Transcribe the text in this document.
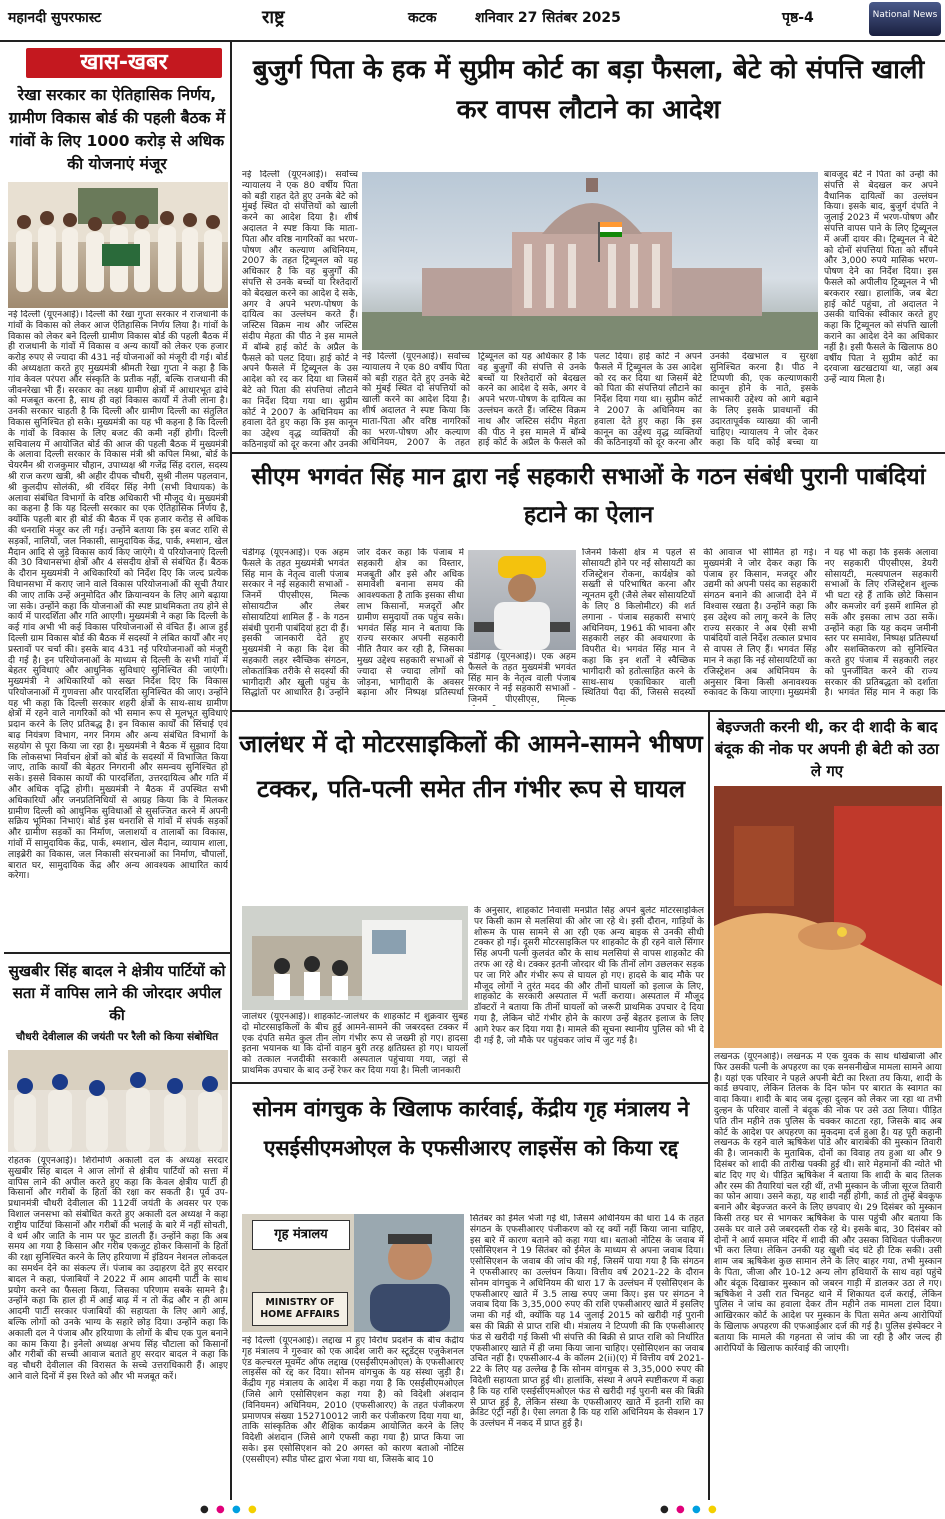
महानदी सुपरफास्ट	राष्ट्र	कटक	शनिवार 27 सितंबर 2025	पृष्ठ-4	National News
खास-खबर
रेखा सरकार का ऐतिहासिक निर्णय, ग्रामीण विकास बोर्ड की पहली बैठक में गांवों के लिए 1000 करोड़ से अधिक की योजनाएं मंजूर

नई दिल्ली (यूएनआई)। दिल्ली की रेखा गुप्ता सरकार ने राजधानी के गांवों के विकास को लेकर आज ऐतिहासिक निर्णय लिया है। गांवों के विकास को लेकर बने दिल्ली ग्रामीण विकास बोर्ड की पहली बैठक में ही राजधानी के गांवों में विकास व अन्य कार्यों को लेकर एक हजार करोड़ रुपए से ज्यादा की 431 नई योजनाओं को मंजूरी दी गई। बोर्ड की अध्यक्षता करते हुए मुख्यमंत्री श्रीमती रेखा गुप्ता ने कहा है कि गांव केवल परंपरा और संस्कृति के प्रतीक नहीं, बल्कि राजधानी की जीवनरेखा भी हैं। सरकार का लक्ष्य ग्रामीण क्षेत्रों में आधारभूत ढांचे को मजबूत करना है, साथ ही वहां विकास कार्यों में तेजी लाना है। उनकी सरकार चाहती है कि दिल्ली और ग्रामीण दिल्ली का संतुलित विकास सुनिश्चित हो सके। मुख्यमंत्री का यह भी कहना है कि दिल्ली के गांवों के विकास के लिए बजट की कमी नहीं होगी। दिल्ली सचिवालय में आयोजित बोर्ड की आज की पहली बैठक में मुख्यमंत्री के अलावा दिल्ली सरकार के विकास मंत्री श्री कपिल मिश्रा, बोर्ड के चेयरमैन श्री राजकुमार चौहान, उपाध्यक्ष श्री गजेंद्र सिंह दराल, सदस्य श्री राज करण खत्री, श्री अहीर दीपक चौधरी, सुश्री नीलम पहलवान, श्री कुलदीप सोलंकी, श्री रविंदर सिंह नेगी (सभी विधायक) के अलावा संबंधित विभागों के वरिष्ठ अधिकारी भी मौजूद थे। मुख्यमंत्री का कहना है कि यह दिल्ली सरकार का एक ऐतिहासिक निर्णय है, क्योंकि पहली बार ही बोर्ड की बैठक में एक हजार करोड़ से अधिक की धनराशि मंजूर कर ली गई। उन्होंने बताया कि इस बजट राशि से सड़कों, नालियों, जल निकासी, सामुदायिक केंद्र, पार्क, श्मशान, खेल मैदान आदि से जुड़े विकास कार्य किए जाएंगे। ये परियोजनाएं दिल्ली की 30 विधानसभा क्षेत्रों और 4 संसदीय क्षेत्रों से संबंधित हैं। बैठक के दौरान मुख्यमंत्री ने अधिकारियों को निर्देश दिए कि जल्द प्रत्येक विधानसभा में कराए जाने वाले विकास परियोजनाओं की सूची तैयार की जाए ताकि उन्हें अनुमोदित और क्रियान्वयन के लिए आगे बढ़ाया जा सके। उन्होंने कहा कि योजनाओं की स्पष्ट प्राथमिकता तय होने से कार्य में पारदर्शिता और गति आएगी। मुख्यमंत्री ने कहा कि दिल्ली के कई गांव अभी भी कई विकास परियोजनाओं से वंचित हैं। आज हुई दिल्ली ग्राम विकास बोर्ड की बैठक में सदस्यों ने लंबित कार्यों और नए प्रस्तावों पर चर्चा की। इसके बाद 431 नई परियोजनाओं को मंजूरी दी गई है। इन परियोजनाओं के माध्यम से दिल्ली के सभी गांवों में बेहतर सुविधाएं और आधुनिक सुविधाएं सुनिश्चित की जाएंगी। मुख्यमंत्री ने अधिकारियों को सख्त निर्देश दिए कि विकास परियोजनाओं में गुणवत्ता और पारदर्शिता सुनिश्चित की जाए। उन्होंने यह भी कहा कि दिल्ली सरकार शहरी क्षेत्रों के साथ-साथ ग्रामीण क्षेत्रों में रहने वाले नागरिकों को भी समान रूप से मूलभूत सुविधाएं प्रदान करने के लिए प्रतिबद्ध है। इन विकास कार्यों की सिंचाई एवं बाढ़ नियंत्रण विभाग, नगर निगम और अन्य संबंधित विभागों के सहयोग से पूरा किया जा रहा है। मुख्यमंत्री ने बैठक में सुझाव दिया कि लोकसभा निर्वाचन क्षेत्रों को बोर्ड के सदस्यों में विभाजित किया जाए, ताकि कार्यों की बेहतर निगरानी और समन्वय सुनिश्चित हो सके। इससे विकास कार्यों की पारदर्शिता, उत्तरदायित्व और गति में और अधिक वृद्धि होगी। मुख्यमंत्री ने बैठक में उपस्थित सभी अधिकारियों और जनप्रतिनिधियों से आग्रह किया कि वे मिलकर ग्रामीण दिल्ली को आधुनिक सुविधाओं से सुसज्जित करने में अपनी सक्रिय भूमिका निभाएं। बोर्ड इस धनराशि से गांवों में संपर्क सड़कों और ग्रामीण सड़कों का निर्माण, जलाशयों व तालाबों का विकास, गांवों में सामुदायिक केंद्र, पार्क, श्मशान, खेल मैदान, व्यायाम शाला, लाइब्रेरी का विकास, जल निकासी संरचनाओं का निर्माण, चौपालों, बारात घर, सामुदायिक केंद्र और अन्य आवश्यक आधारित कार्य करेगा।

सुखबीर सिंह बादल ने क्षेत्रीय पार्टियों को सता में वापिस लाने की जोरदार अपील की
चौधरी देवीलाल की जयंती पर रैली को किया संबोधित

रोहतक (यूएनआई)। शिरोमणि अकाली दल के अध्यक्ष सरदार सुखबीर सिंह बादल ने आज लोगों से क्षेत्रीय पार्टियों को सत्ता में वापिस लाने की अपील करते हुए कहा कि केवल क्षेत्रीय पार्टी ही किसानों और गरीबों के हितों की रक्षा कर सकती है। पूर्व उप-प्रधानमंत्री चौधरी देवीलाल की 112वीं जयंती के अवसर पर एक विशाल जनसभा को संबोधित करते हुए अकाली दल अध्यक्ष ने कहा राष्ट्रीय पार्टियां किसानों और गरीबों की भलाई के बारे में नहीं सोचती, वे धर्म और जाति के नाम पर फूट डालती हैं। उन्होंने कहा कि अब समय आ गया है किसान और गरीब एकजुट होकर किसानों के हितों की रक्षा सुनिश्चित करने के लिए हरियाणा में इंडियन नेशनल लोकदल का समर्थन देने का संकल्प लें। पंजाब का उदाहरण देते हुए सरदार बादल ने कहा, पंजाबियों ने 2022 में आम आदमी पार्टी के साथ प्रयोग करने का फैसला किया, जिसका परिणाम सबके सामने है। उन्होंने कहा कि हाल ही में आई बाढ़ में न तो केंद्र और न ही आम आदमी पार्टी सरकार पंजाबियों की सहायता के लिए आगे आई, बल्कि लोगों को उनके भाग्य के सहारे छोड़ दिया। उन्होंने कहा कि अकाली दल ने पंजाब और हरियाणा के लोगों के बीच एक पुल बनाने का काम किया है। इनेलो अध्यक्ष अभय सिंह चौटाला को किसानों और गरीबों की सच्ची आवाज बताते हुए सरदार बादल ने कहा कि वह चौधरी देवीलाल की विरासत के सच्चे उत्तराधिकारी हैं। आइए आने वाले दिनों में इस रिश्ते को और भी मजबूत करें।

बुजुर्ग पिता के हक में सुप्रीम कोर्ट का बड़ा फैसला, बेटे को संपत्ति खाली कर वापस लौटाने का आदेश

नई दिल्ली (यूएनआई)। सर्वोच्च न्यायालय ने एक 80 वर्षीय पिता को बड़ी राहत देते हुए उनके बेटे को मुंबई स्थित दो संपत्तियों को खाली करने का आदेश दिया है। शीर्ष अदालत ने स्पष्ट किया कि माता-पिता और वरिष्ठ नागरिकों का भरण-पोषण और कल्याण अधिनियम, 2007 के तहत ट्रिब्यूनल को यह अधिकार है कि वह बुजुर्गों की संपत्ति से उनके बच्चों या रिश्तेदारों को बेदखल करने का आदेश दे सके, अगर वे अपने भरण-पोषण के दायित्व का उल्लंघन करते हैं। जस्टिस विक्रम नाथ और जस्टिस संदीप मेहता की पीठ ने इस मामले में बॉम्बे हाई कोर्ट के अप्रैल के फैसले को पलट दिया। हाई कोर्ट ने अपने फैसले में ट्रिब्यूनल के उस आदेश को रद कर दिया था जिसमें बेटे को पिता की संपत्तियां लौटाने का निर्देश दिया गया था। सुप्रीम कोर्ट ने 2007 के अधिनियम का हवाला देते हुए कहा कि इस कानून का उद्देश्य वृद्ध व्यक्तियों की कठिनाइयों को दूर करना और उनकी

नई दिल्ली (यूएनआई)। सर्वोच्च न्यायालय ने एक 80 वर्षीय पिता को बड़ी राहत देते हुए उनके बेटे को मुंबई स्थित दो संपत्तियों को खाली करने का आदेश दिया है। शीर्ष अदालत ने स्पष्ट किया कि माता-पिता और वरिष्ठ नागरिकों का भरण-पोषण और कल्याण अधिनियम, 2007 के तहत ट्रिब्यूनल को यह अधिकार है कि वह बुजुर्गों की संपत्ति से उनके बच्चों या रिश्तेदारों को बेदखल करने का आदेश दे सके, अगर वे अपने भरण-पोषण के दायित्व का उल्लंघन करते हैं। जस्टिस विक्रम नाथ और जस्टिस संदीप मेहता की पीठ ने इस मामले में बॉम्बे हाई कोर्ट के अप्रैल के फैसले को पलट दिया। हाई कोर्ट ने अपने फैसले में ट्रिब्यूनल के उस आदेश को रद कर दिया था जिसमें बेटे को पिता की संपत्तियां लौटाने का निर्देश दिया गया था। सुप्रीम कोर्ट ने 2007 के अधिनियम का हवाला देते हुए कहा कि इस कानून का उद्देश्य वृद्ध व्यक्तियों की कठिनाइयों को दूर करना और उनकी देखभाल व सुरक्षा सुनिश्चित करना है। पीठ ने टिप्पणी की, एक कल्याणकारी कानून होने के नाते, इसके लाभकारी उद्देश्य को आगे बढ़ाने के लिए इसके प्रावधानों की उदारतापूर्वक व्याख्या की जानी चाहिए। न्यायालय ने जोर देकर कहा कि यदि कोई बच्चा या

बावजूद बेटे ने पिता को उन्हीं की संपत्ति से बेदखल कर अपने वैधानिक दायित्वों का उल्लंघन किया। इसके बाद, बुजुर्ग दंपति ने जुलाई 2023 में भरण-पोषण और संपत्ति वापस पाने के लिए ट्रिब्यूनल में अर्जी दायर की। ट्रिब्यूनल ने बेटे को दोनों संपत्तियां पिता को सौंपने और 3,000 रुपये मासिक भरण-पोषण देने का निर्देश दिया। इस फैसले को अपीलीय ट्रिब्यूनल ने भी बरकरार रखा। हालांकि, जब बेटा हाई कोर्ट पहुंचा, तो अदालत ने उसकी याचिका स्वीकार करते हुए कहा कि ट्रिब्यूनल को संपत्ति खाली कराने का आदेश देने का अधिकार नहीं है। इसी फैसले के खिलाफ 80 वर्षीय पिता ने सुप्रीम कोर्ट का दरवाजा खटखटाया था, जहां अब उन्हें न्याय मिला है।

सीएम भगवंत सिंह मान द्वारा नई सहकारी सभाओं के गठन संबंधी पुरानी पाबंदियां हटाने का ऐलान

चंडीगढ़ (यूएनआई)। एक अहम फैसले के तहत मुख्यमंत्री भगवंत सिंह मान के नेतृत्व वाली पंजाब सरकार ने नई सहकारी सभाओं - जिनमें पीएसीएस, मिल्क सोसायटीज और लेबर सोसायटियां शामिल हैं - के गठन संबंधी पुरानी पाबंदियां हटा दी हैं। इसकी जानकारी देते हुए मुख्यमंत्री ने कहा कि देश की सहकारी लहर स्वैच्छिक संगठन, लोकतांत्रिक तरीके से सदस्यों की भागीदारी और खुली पहुंच के सिद्धांतों पर आधारित है। उन्होंने जोर देकर कहा कि पंजाब में सहकारी क्षेत्र का विस्तार, मजबूती और इसे और अधिक समावेशी बनाना समय की आवश्यकता है ताकि इसका सीधा लाभ किसानों, मजदूरों और ग्रामीण समुदायों तक पहुंच सके। भगवंत सिंह मान ने बताया कि राज्य सरकार अपनी सहकारी नीति तैयार कर रही है, जिसका मुख्य उद्देश्य सहकारी सभाओं से ज्यादा से ज्यादा लोगों को जोड़ना, भागीदारी के अवसर बढ़ाना और निष्पक्ष प्रतिस्पर्धा

चंडीगढ़ (यूएनआई)। एक अहम फैसले के तहत मुख्यमंत्री भगवंत सिंह मान के नेतृत्व वाली पंजाब सरकार ने नई सहकारी सभाओं - जिनमें पीएसीएस, मिल्क

जिनमें किसी क्षेत्र में पहले से सोसायटी होने पर नई सोसायटी का रजिस्ट्रेशन रोकना, कार्यक्षेत्र को सख्ती से परिभाषित करना और न्यूनतम दूरी (जैसे लेबर सोसायटियों के लिए 8 किलोमीटर) की शर्त लगाना - पंजाब सहकारी सभाएं अधिनियम, 1961 की भावना और सहकारी लहर की अवधारणा के विपरीत थे। भगवंत सिंह मान ने कहा कि इन शर्तों ने स्वैच्छिक भागीदारी को हतोत्साहित करने के साथ-साथ एकाधिकार वाली स्थितियां पैदा कीं, जिससे सदस्यों की आवाज भी सीमित हो गई। मुख्यमंत्री ने जोर देकर कहा कि पंजाब हर किसान, मजदूर और उद्यमी को अपनी पसंद का सहकारी संगठन बनाने की आजादी देने में विश्वास रखता है। उन्होंने कहा कि इस उद्देश्य को लागू करने के लिए राज्य सरकार ने अब ऐसी सभी पाबंदियों वाले निर्देश तत्काल प्रभाव से वापस ले लिए हैं। भगवंत सिंह मान ने कहा कि नई सोसायटियों का रजिस्ट्रेशन अब अधिनियम के अनुसार बिना किसी अनावश्यक रुकावट के किया जाएगा। मुख्यमंत्री ने यह भी कहा कि इसके अलावा नए सहकारी पीएसीएस, डेयरी सोसायटी, मत्स्यपालन सहकारी सभाओं के लिए रजिस्ट्रेशन शुल्क भी घटा रहे हैं ताकि छोटे किसान और कमजोर वर्ग इसमें शामिल हो सकें और इसका लाभ उठा सकें। उन्होंने कहा कि यह कदम जमीनी स्तर पर समावेश, निष्पक्ष प्रतिस्पर्धा और सशक्तिकरण को सुनिश्चित करते हुए पंजाब में सहकारी लहर को पुनर्जीवित करने की राज्य सरकार की प्रतिबद्धता को दर्शाता है। भगवंत सिंह मान ने कहा कि

जालंधर में दो मोटरसाइकिलों की आमने-सामने भीषण टक्कर, पति-पत्नी समेत तीन गंभीर रूप से घायल

जालंधर (यूएनआई)। शाहकोट-जालंधर के शाहकोट में शुक्रवार सुबह दो मोटरसाइकिलों के बीच हुई आमने-सामने की जबरदस्त टक्कर में एक दंपति समेत कुल तीन लोग गंभीर रूप से जख्मी हो गए। हादसा इतना भयानक था कि दोनों वाहन बुरी तरह क्षतिग्रस्त हो गए। घायलों को तत्काल नजदीकी सरकारी अस्पताल पहुंचाया गया, जहां से प्राथमिक उपचार के बाद उन्हें रेफर कर दिया गया है। मिली जानकारी

के अनुसार, शाहकोट निवासी मनप्रीत सिंह अपने बुलेट मोटरसाइकिल पर किसी काम से मलसियां की ओर जा रहे थे। इसी दौरान, गाड़ियों के शोरूम के पास सामने से आ रही एक अन्य बाइक से उनकी सीधी टक्कर हो गई। दूसरी मोटरसाइकिल पर शाहकोट के ही रहने वाले सिंगार सिंह अपनी पत्नी कुलवंत कौर के साथ मलसियां से वापस शाहकोट की तरफ आ रहे थे। टक्कर इतनी जोरदार थी कि तीनों लोग उछलकर सड़क पर जा गिरे और गंभीर रूप से घायल हो गए। हादसे के बाद मौके पर मौजूद लोगों ने तुरंत मदद की और तीनों घायलों को इलाज के लिए, शाहकोट के सरकारी अस्पताल में भर्ती कराया। अस्पताल में मौजूद डॉक्टरों ने बताया कि तीनों घायलों को जरूरी प्राथमिक उपचार दे दिया गया है, लेकिन चोटें गंभीर होने के कारण उन्हें बेहतर इलाज के लिए आगे रेफर कर दिया गया है। मामले की सूचना स्थानीय पुलिस को भी दे दी गई है, जो मौके पर पहुंचकर जांच में जुट गई है।

बेइज्जती करनी थी, कर दी शादी के बाद बंदूक की नोक पर अपनी ही बेटी को उठा ले गए

लखनऊ (यूएनआई)। लखनऊ में एक युवक के साथ धोखेबाजी और फिर उसकी पत्नी के अपहरण का एक सनसनीखेज मामला सामने आया है। यहां एक परिवार ने पहले अपनी बेटी का रिश्ता तय किया, शादी के कार्ड छपवाए, लेकिन तिलक के दिन फोन पर बारात के स्वागत का वादा किया। शादी के बाद जब दूल्हा दुल्हन को लेकर जा रहा था तभी दुल्हन के परिवार वालों ने बंदूक की नोक पर उसे उठा लिया। पीड़ित पति तीन महीने तक पुलिस के चक्कर काटता रहा, जिसके बाद अब कोर्ट के आदेश पर अपहरण का मुकदमा दर्ज हुआ है। यह पूरी कहानी लखनऊ के रहने वाले ऋषिकेश पांडे और बाराबंकी की मुस्कान तिवारी की है। जानकारी के मुताबिक, दोनों का विवाह तय हुआ था और 9 दिसंबर को शादी की तारीख पक्की हुई थी। सारे मेहमानों की न्योते भी बांट दिए गए थे। पीड़ित ऋषिकेश ने बताया कि शादी के बाद तिलक और रस्म की तैयारियां चल रही थीं, तभी मुस्कान के जीजा सूरज तिवारी का फोन आया। उसने कहा, यह शादी नहीं होगी, कार्ड तो तुम्हें बेवकूफ बनाने और बेइज्जत करने के लिए छपवाए थे। 29 दिसंबर को मुस्कान किसी तरह घर से भागकर ऋषिकेश के पास पहुंची और बताया कि उसके घर वाले उसे जबरदस्ती रोक रहे थे। इसके बाद, 30 दिसंबर को दोनों ने आर्य समाज मंदिर में शादी की और उसका विधिवत पंजीकरण भी करा लिया। लेकिन उनकी यह खुशी चंद घंटे ही टिक सकी। उसी शाम जब ऋषिकेश कुछ सामान लेने के लिए बाहर गया, तभी मुस्कान के पिता, जीजा और 10-12 अन्य लोग हथियारों के साथ वहां पहुंचे और बंदूक दिखाकर मुस्कान को जबरन गाड़ी में डालकर उठा ले गए। ऋषिकेश ने उसी रात चिनहट थाने में शिकायत दर्ज कराई, लेकिन पुलिस ने जांच का हवाला देकर तीन महीने तक मामला टाल दिया। आखिरकार कोर्ट के आदेश पर मुस्कान के पिता समेत अन्य आरोपियों के खिलाफ अपहरण की एफआईआर दर्ज की गई है। पुलिस इंस्पेक्टर ने बताया कि मामले की गहनता से जांच की जा रही है और जल्द ही आरोपियों के खिलाफ कार्रवाई की जाएगी।

सोनम वांगचुक के खिलाफ कार्रवाई, केंद्रीय गृह मंत्रालय ने एसईसीएमओएल के एफसीआरए लाइसेंस को किया रद्द
गृह मंत्रालय
MINISTRY OF HOME AFFAIRS

नई दिल्ली (यूएनआई)। लद्दाख में हुए विरोध प्रदर्शन के बीच केंद्रीय गृह मंत्रालय ने गुरुवार को एक आदेश जारी कर स्टूडेंट्स एजुकेशनल एंड कल्चरल मूवमेंट ऑफ लद्दाख (एसईसीएमओएल) के एफसीआरए लाइसेंस को रद्द कर दिया। सोनम वांगचुक के यह संस्था जुड़ी है। केंद्रीय गृह मंत्रालय के आदेश में कहा गया है कि एसईसीएमओएल (जिसे आगे एसोसिएशन कहा गया है) को विदेशी अंशदान (विनियमन) अधिनियम, 2010 (एफसीआरए) के तहत पंजीकरण प्रमाणपत्र संख्या 152710012 जारी कर पंजीकरण दिया गया था, ताकि सांस्कृतिक और शैक्षिक कार्यक्रम आयोजित करने के लिए विदेशी अंशदान (जिसे आगे एफसी कहा गया है) प्राप्त किया जा सके। इस एसोसिएशन को 20 अगस्त को कारण बताओ नोटिस (एससीएन) स्पीड पोस्ट द्वारा भेजा गया था, जिसके बाद 10

सितंबर को ईमेल भेजी गई थी, जिसमें अधिनियम की धारा 14 के तहत संगठन के एफसीआरए पंजीकरण को रद्द क्यों नहीं किया जाना चाहिए, इस बारे में कारण बताने को कहा गया था। बताओ नोटिस के जवाब में एसोसिएशन ने 19 सितंबर को ईमेल के माध्यम से अपना जवाब दिया। एसोसिएशन के जवाब की जांच की गई, जिसमें पाया गया है कि संगठन ने एफसीआरए का उल्लंघन किया। वित्तीय वर्ष 2021-22 के दौरान सोनम वांगचुक ने अधिनियम की धारा 17 के उल्लंघन में एसोसिएशन के एफसीआरए खाते में 3.5 लाख रुपए जमा किए। इस पर संगठन ने जवाब दिया कि 3,35,000 रुपए की राशि एफसीआरए खाते में इसलिए जमा की गई थी, क्योंकि यह 14 जुलाई 2015 को खरीदी गई पुरानी बस की बिक्री से प्राप्त राशि थी। मंत्रालय ने टिप्पणी की कि एफसीआरए फंड से खरीदी गई किसी भी संपत्ति की बिक्री से प्राप्त राशि को निर्धारित एफसीआरए खाते में ही जमा किया जाना चाहिए। एसोसिएशन का जवाब उचित नहीं है। एफसीआर-4 के कॉलम 2(ii)(ए) में वित्तीय वर्ष 2021-22 के लिए यह उल्लेख है कि सोनम वांगचुक से 3,35,000 रुपए की विदेशी सहायता प्राप्त हुई थी। हालांकि, संस्था ने अपने स्पष्टीकरण में कहा है कि यह राशि एसईसीएमओएल फंड से खरीदी गई पुरानी बस की बिक्री से प्राप्त हुई है, लेकिन संस्था के एफसीआरए खाते में इतनी राशि का क्रेडिट एंट्री नहीं है। ऐसा लगता है कि यह राशि अधिनियम के सेक्शन 17 के उल्लंघन में नकद में प्राप्त हुई है।

● ● ● ●	● ● ● ●
